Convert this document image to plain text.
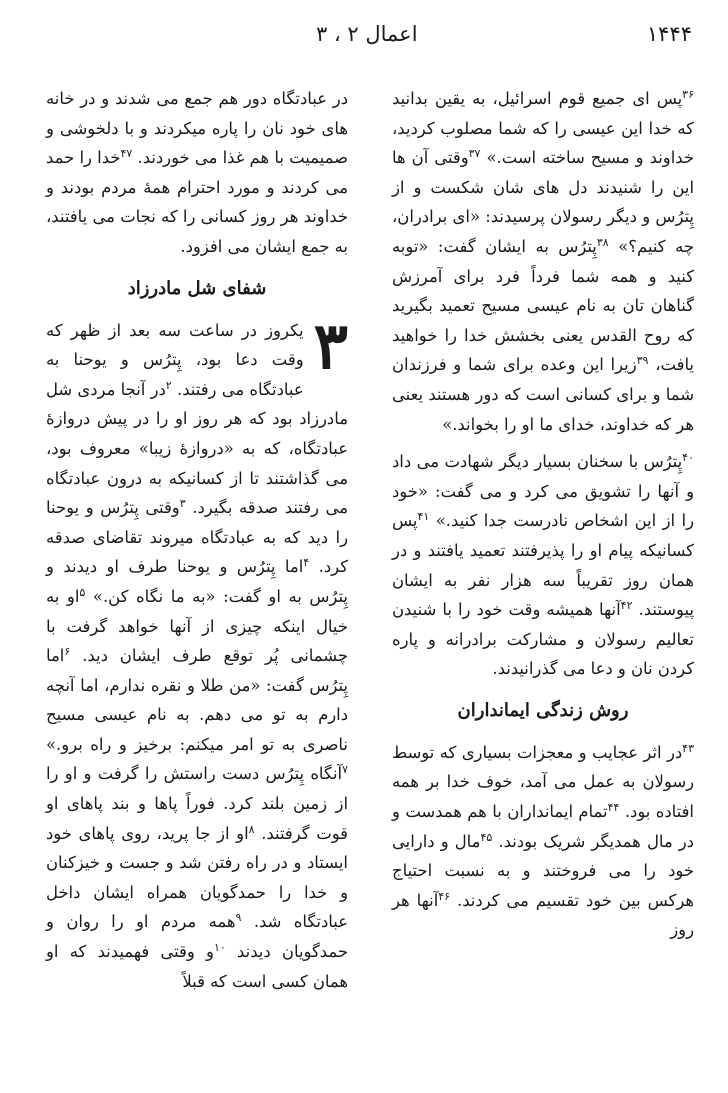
۱۴۴۴
اعمال ۲ ، ۳

$^{۳۶}$پس ای جمیع قوم اسرائیل، به یقین بدانید که خدا این عیسی را که شما مصلوب کردید، خداوند و مسیح ساخته است.» $^{۳۷}$وقتی آن ها این را شنیدند دل های شان شکست و از پِترُس و دیگر رسولان پرسیدند: «ای برادران، چه کنیم؟» $^{۳۸}$پِترُس به ایشان گفت: «توبه کنید و همه شما فرداً فرد برای آمرزش گناهان تان به نام عیسی مسیح تعمید بگیرید که روح القدس یعنی بخشش خدا را خواهید یافت، $^{۳۹}$زیرا این وعده برای شما و فرزندان شما و برای کسانی است که دور هستند یعنی هر که خداوند، خدای ما او را بخواند.»

$^{۴۰}$پِترُس با سخنان بسیار دیگر شهادت می داد و آنها را تشویق می کرد و می گفت: «خود را از این اشخاص نادرست جدا کنید.» $^{۴۱}$پس کسانیکه پیام او را پذیرفتند تعمید یافتند و در همان روز تقریباً سه هزار نفر به ایشان پیوستند. $^{۴۲}$آنها همیشه وقت خود را با شنیدن تعالیم رسولان و مشارکت برادرانه و پاره کردن نان و دعا می گذرانیدند.

روش زندگی ایمانداران

$^{۴۳}$در اثر عجایب و معجزات بسیاری که توسط رسولان به عمل می آمد، خوف خدا بر همه افتاده بود. $^{۴۴}$تمام ایمانداران با هم همدست و در مال همدیگر شریک بودند. $^{۴۵}$مال و دارایی خود را می فروختند و به نسبت احتیاج هرکس بین خود تقسیم می کردند. $^{۴۶}$آنها هر روز

در عبادتگاه دور هم جمع می شدند و در خانه های خود نان را پاره میکردند و با دلخوشی و صمیمیت با هم غذا می خوردند. $^{۴۷}$خدا را حمد می کردند و مورد احترام همهٔ مردم بودند و خداوند هر روز کسانی را که نجات می یافتند، به جمع ایشان می افزود.

شفای شل مادرزاد

۳
یکروز در ساعت سه بعد از ظهر که وقت دعا بود، پِترُس و یوحنا به عبادتگاه می رفتند. $^۲$در آنجا مردی شل مادرزاد بود که هر روز او را در پیش دروازهٔ عبادتگاه، که به «دروازهٔ زیبا» معروف بود، می گذاشتند تا از کسانیکه به درون عبادتگاه می رفتند صدقه بگیرد. $^۳$وقتی پِترُس و یوحنا را دید که به عبادتگاه میروند تقاضای صدقه کرد. $^۴$اما پِترُس و یوحنا طرف او دیدند و پِترُس به او گفت: «به ما نگاه کن.» $^۵$او به خیال اینکه چیزی از آنها خواهد گرفت با چشمانی پُر توقع طرف ایشان دید. $^۶$اما پِترُس گفت: «من طلا و نقره ندارم، اما آنچه دارم به تو می دهم. به نام عیسی مسیح ناصری به تو امر میکنم: برخیز و راه برو.» $^۷$آنگاه پِترُس دست راستش را گرفت و او را از زمین بلند کرد. فوراً پاها و بند پاهای او قوت گرفتند. $^۸$او از جا پرید، روی پاهای خود ایستاد و در راه رفتن شد و جست و خیزکنان و خدا را حمدگویان همراه ایشان داخل عبادتگاه شد. $^۹$همه مردم او را روان و حمدگویان دیدند $^{۱۰}$و وقتی فهمیدند که او همان کسی است که قبلاً
